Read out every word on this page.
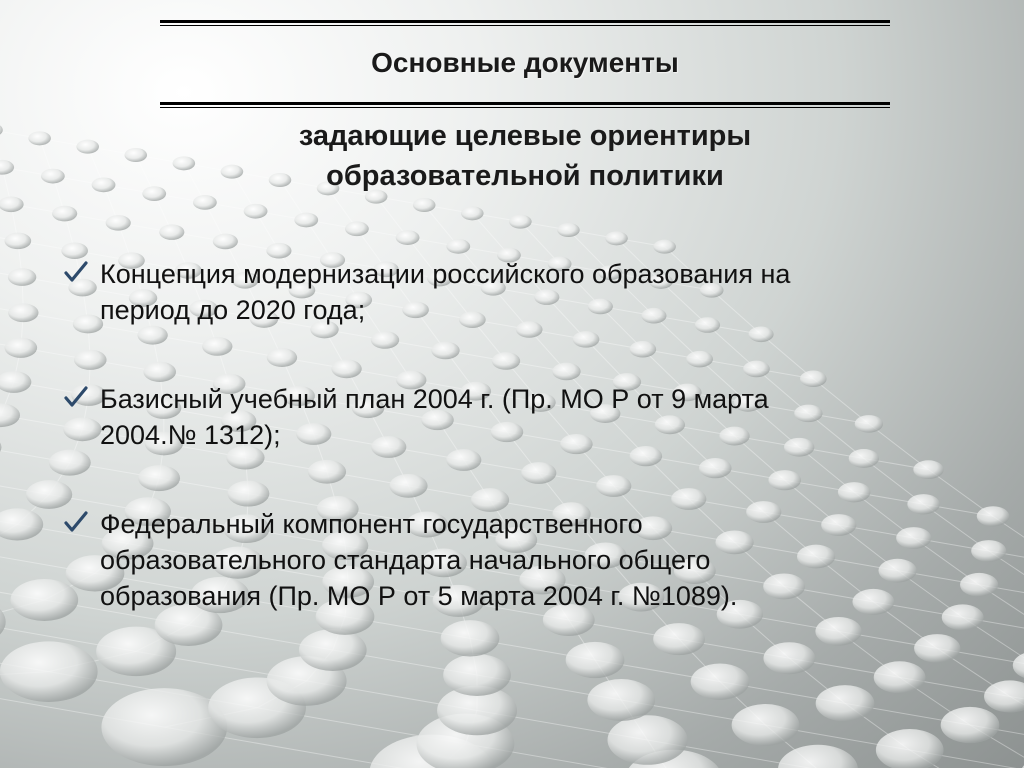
Основные документы
задающие целевые ориентиры
образовательной политики
Концепция модернизации российского образования на
период до 2020 года;
Базисный учебный план 2004 г. (Пр. МО Р от 9 марта
2004.№ 1312);
Федеральный компонент государственного
образовательного стандарта начального общего
образования (Пр. МО Р от 5 марта 2004 г. №1089).
